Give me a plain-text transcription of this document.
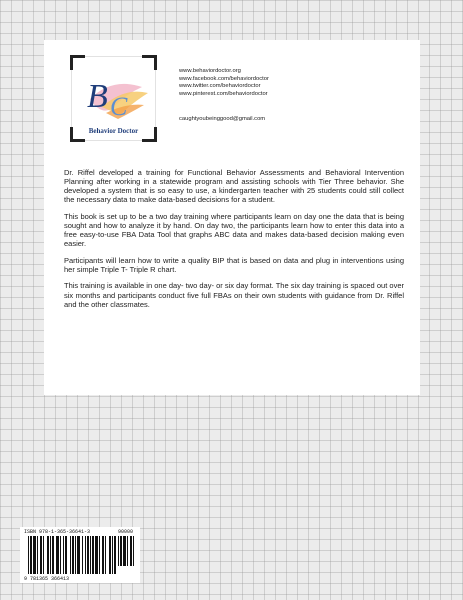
B C
Behavior Doctor
www.behaviordoctor.org
www.facebook.com/behaviordoctor
www.twitter.com/behaviordoctor
www.pinterest.com/behaviordoctor
caughtyoubeinggood@gmail.com

Dr. Riffel developed a training for Functional Behavior Assessments and Behavioral Intervention Planning after working in a statewide program and assisting schools with Tier Three behavior. She developed a system that is so easy to use, a kindergarten teacher with 25 students could still collect the necessary data to make data-based decisions for a student.

This book is set up to be a two day training where participants learn on day one the data that is being sought and how to analyze it by hand. On day two, the participants learn how to enter this data into a free easy-to-use FBA Data Tool that graphs ABC data and makes data-based decision making even easier.

Participants will learn how to write a quality BIP that is based on data and plug in interventions using her simple Triple T- Triple R chart.

This training is available in one day- two day- or six day format. The six day training is spaced out over six months and participants conduct five full FBAs on their own students with guidance from Dr. Riffel and the other classmates.

ISBN 978-1-365-36641-3	90000
9 781365 366413
